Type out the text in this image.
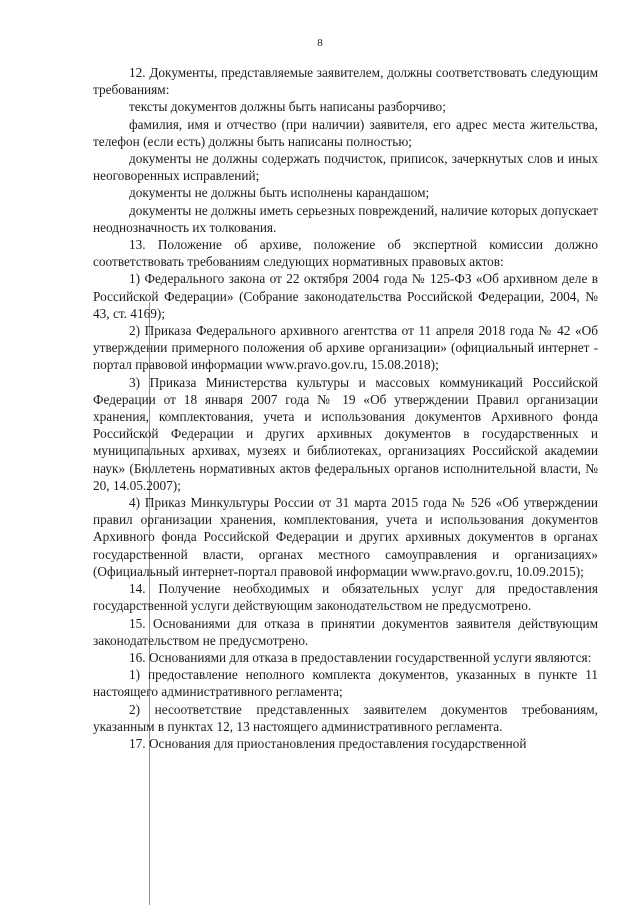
8

12. Документы, представляемые заявителем, должны соответствовать следующим требованиям:

тексты документов должны быть написаны разборчиво;

фамилия, имя и отчество (при наличии) заявителя, его адрес места жительства, телефон (если есть) должны быть написаны полностью;

документы не должны содержать подчисток, приписок, зачеркнутых слов и иных неоговоренных исправлений;

документы не должны быть исполнены карандашом;

документы не должны иметь серьезных повреждений, наличие которых допускает неоднозначность их толкования.

13. Положение об архиве, положение об экспертной комиссии должно соответствовать требованиям следующих нормативных правовых актов:

1) Федерального закона от 22 октября 2004 года № 125-ФЗ «Об архивном деле в Российской Федерации» (Собрание законодательства Российской Федерации, 2004, № 43, ст. 4169);

2) Приказа Федерального архивного агентства от 11 апреля 2018 года № 42 «Об утверждении примерного положения об архиве организации» (официальный интернет - портал правовой информации www.pravo.gov.ru, 15.08.2018);

3) Приказа Министерства культуры и массовых коммуникаций Российской Федерации от 18 января 2007 года № 19 «Об утверждении Правил организации хранения, комплектования, учета и использования документов Архивного фонда Российской Федерации и других архивных документов в государственных и муниципальных архивах, музеях и библиотеках, организациях Российской академии наук» (Бюллетень нормативных актов федеральных органов исполнительной власти, № 20, 14.05.2007);

4) Приказ Минкультуры России от 31 марта 2015 года № 526 «Об утверждении правил организации хранения, комплектования, учета и использования документов Архивного фонда Российской Федерации и других архивных документов в органах государственной власти, органах местного самоуправления и организациях» (Официальный интернет-портал правовой информации www.pravo.gov.ru, 10.09.2015);

14. Получение необходимых и обязательных услуг для предоставления государственной услуги действующим законодательством не предусмотрено.

15. Основаниями для отказа в принятии документов заявителя действующим законодательством не предусмотрено.

16. Основаниями для отказа в предоставлении государственной услуги являются:

1) предоставление неполного комплекта документов, указанных в пункте 11 настоящего административного регламента;

2) несоответствие представленных заявителем документов требованиям, указанным в пунктах 12, 13 настоящего административного регламента.

17. Основания для приостановления предоставления государственной
